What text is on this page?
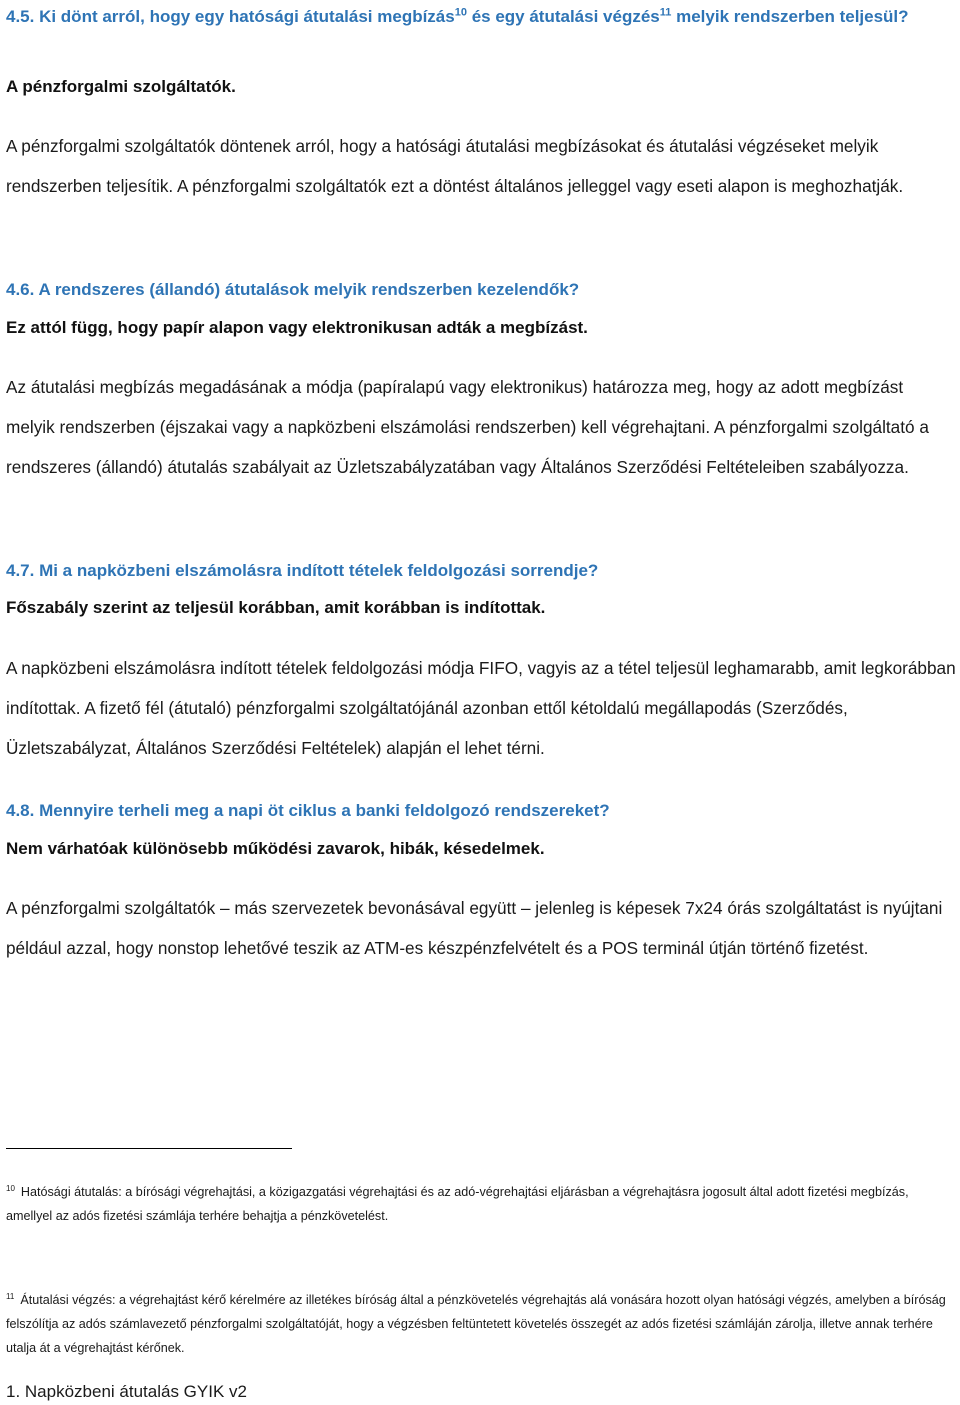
4.5. Ki dönt arról, hogy egy hatósági átutalási megbízás$^{10}$ és egy átutalási végzés$^{11}$ melyik rendszerben teljesül?

A pénzforgalmi szolgáltatók.

A pénzforgalmi szolgáltatók döntenek arról, hogy a hatósági átutalási megbízásokat és átutalási végzéseket melyik rendszerben teljesítik. A pénzforgalmi szolgáltatók ezt a döntést általános jelleggel vagy eseti alapon is meghozhatják.

4.6. A rendszeres (állandó) átutalások melyik rendszerben kezelendők?

Ez attól függ, hogy papír alapon vagy elektronikusan adták a megbízást.

Az átutalási megbízás megadásának a módja (papíralapú vagy elektronikus) határozza meg, hogy az adott megbízást melyik rendszerben (éjszakai vagy a napközbeni elszámolási rendszerben) kell végrehajtani. A pénzforgalmi szolgáltató a rendszeres (állandó) átutalás szabályait az Üzletszabályzatában vagy Általános Szerződési Feltételeiben szabályozza.

4.7. Mi a napközbeni elszámolásra indított tételek feldolgozási sorrendje?

Főszabály szerint az teljesül korábban, amit korábban is indítottak.

A napközbeni elszámolásra indított tételek feldolgozási módja FIFO, vagyis az a tétel teljesül leghamarabb, amit legkorábban indítottak. A fizető fél (átutaló) pénzforgalmi szolgáltatójánál azonban ettől kétoldalú megállapodás (Szerződés, Üzletszabályzat, Általános Szerződési Feltételek) alapján el lehet térni.

4.8. Mennyire terheli meg a napi öt ciklus a banki feldolgozó rendszereket?

Nem várhatóak különösebb működési zavarok, hibák, késedelmek.

A pénzforgalmi szolgáltatók – más szervezetek bevonásával együtt – jelenleg is képesek 7x24 órás szolgáltatást is nyújtani például azzal, hogy nonstop lehetővé teszik az ATM-es készpénzfelvételt és a POS terminál útján történő fizetést.

$^{10}$ Hatósági átutalás: a bírósági végrehajtási, a közigazgatási végrehajtási és az adó-végrehajtási eljárásban a végrehajtásra jogosult által adott fizetési megbízás, amellyel az adós fizetési számlája terhére behajtja a pénzkövetelést.

$^{11}$ Átutalási végzés: a végrehajtást kérő kérelmére az illetékes bíróság által a pénzkövetelés végrehajtás alá vonására hozott olyan hatósági végzés, amelyben a bíróság felszólítja az adós számlavezető pénzforgalmi szolgáltatóját, hogy a végzésben feltüntetett követelés összegét az adós fizetési számláján zárolja, illetve annak terhére utalja át a végrehajtást kérőnek.

1. Napközbeni átutalás GYIK v2
